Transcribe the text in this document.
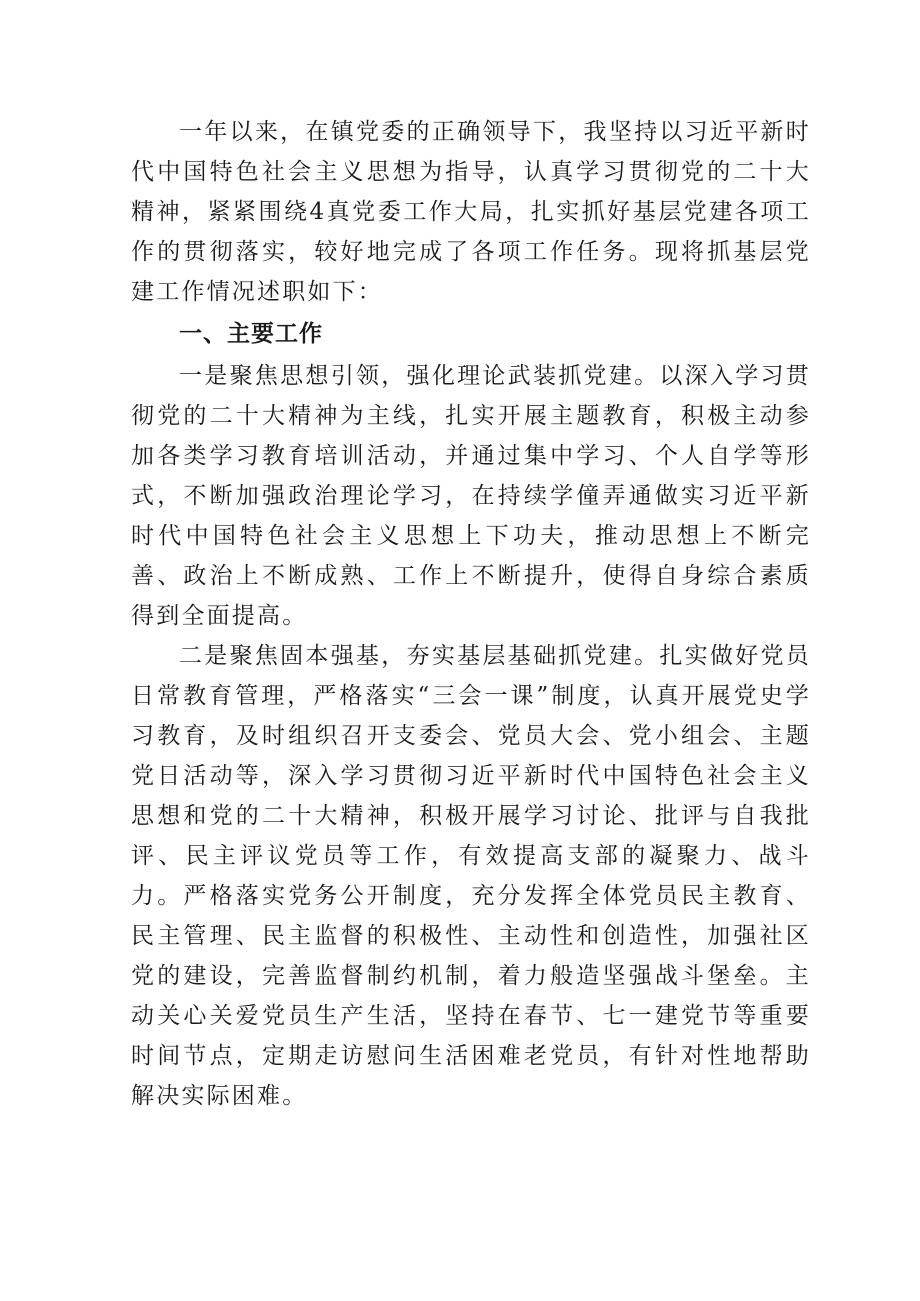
一年以来，在镇党委的正确领导下，我坚持以习近平新时代中国特色社会主义思想为指导，认真学习贯彻党的二十大精神，紧紧围绕4真党委工作大局，扎实抓好基层党建各项工作的贯彻落实，较好地完成了各项工作任务。现将抓基层党建工作情况述职如下：

一、主要工作

一是聚焦思想引领，强化理论武装抓党建。以深入学习贯彻党的二十大精神为主线，扎实开展主题教育，积极主动参加各类学习教育培训活动，并通过集中学习、个人自学等形式，不断加强政治理论学习，在持续学僮弄通做实习近平新时代中国特色社会主义思想上下功夫，推动思想上不断完善、政治上不断成熟、工作上不断提升，使得自身综合素质得到全面提高。

二是聚焦固本强基，夯实基层基础抓党建。扎实做好党员日常教育管理，严格落实“三会一课”制度，认真开展党史学习教育，及时组织召开支委会、党员大会、党小组会、主题党日活动等，深入学习贯彻习近平新时代中国特色社会主义思想和党的二十大精神，积极开展学习讨论、批评与自我批评、民主评议党员等工作，有效提高支部的凝聚力、战斗力。严格落实党务公开制度，充分发挥全体党员民主教育、民主管理、民主监督的积极性、主动性和创造性，加强社区党的建设，完善监督制约机制，着力般造坚强战斗堡垒。主动关心关爱党员生产生活，坚持在春节、七一建党节等重要时间节点，定期走访慰问生活困难老党员，有针对性地帮助解决实际困难。
